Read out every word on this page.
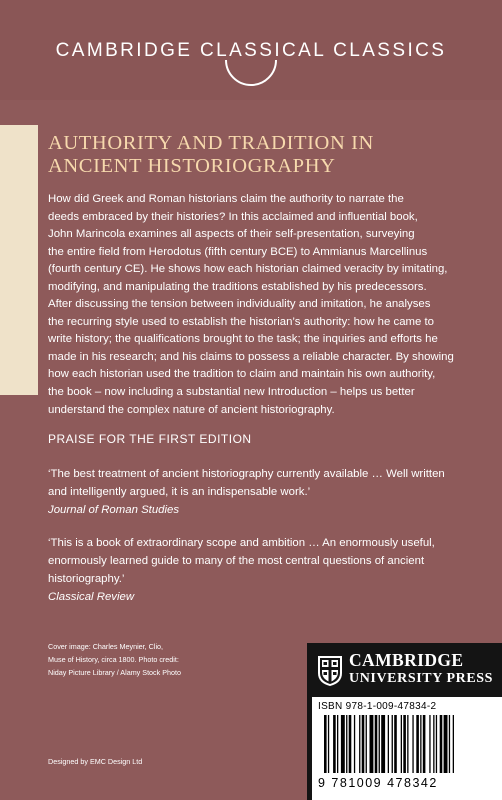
CAMBRIDGE CLASSICAL CLASSICS
AUTHORITY AND TRADITION IN
ANCIENT HISTORIOGRAPHY
How did Greek and Roman historians claim the authority to narrate the
deeds embraced by their histories? In this acclaimed and influential book,
John Marincola examines all aspects of their self-presentation, surveying
the entire field from Herodotus (fifth century BCE) to Ammianus Marcellinus
(fourth century CE). He shows how each historian claimed veracity by imitating,
modifying, and manipulating the traditions established by his predecessors.
After discussing the tension between individuality and imitation, he analyses
the recurring style used to establish the historian’s authority: how he came to
write history; the qualifications brought to the task; the inquiries and efforts he
made in his research; and his claims to possess a reliable character. By showing
how each historian used the tradition to claim and maintain his own authority,
the book – now including a substantial new Introduction – helps us better
understand the complex nature of ancient historiography.
PRAISE FOR THE FIRST EDITION
‘The best treatment of ancient historiography currently available … Well written
and intelligently argued, it is an indispensable work.’
Journal of Roman Studies
‘This is a book of extraordinary scope and ambition … An enormously useful,
enormously learned guide to many of the most central questions of ancient
historiography.’
Classical Review
Cover image: Charles Meynier, Clio,
Muse of History, circa 1800. Photo credit:
Niday Picture Library / Alamy Stock Photo
Designed by EMC Design Ltd
CAMBRIDGE
UNIVERSITY PRESS
ISBN 978-1-009-47834-2
9 781009 478342
